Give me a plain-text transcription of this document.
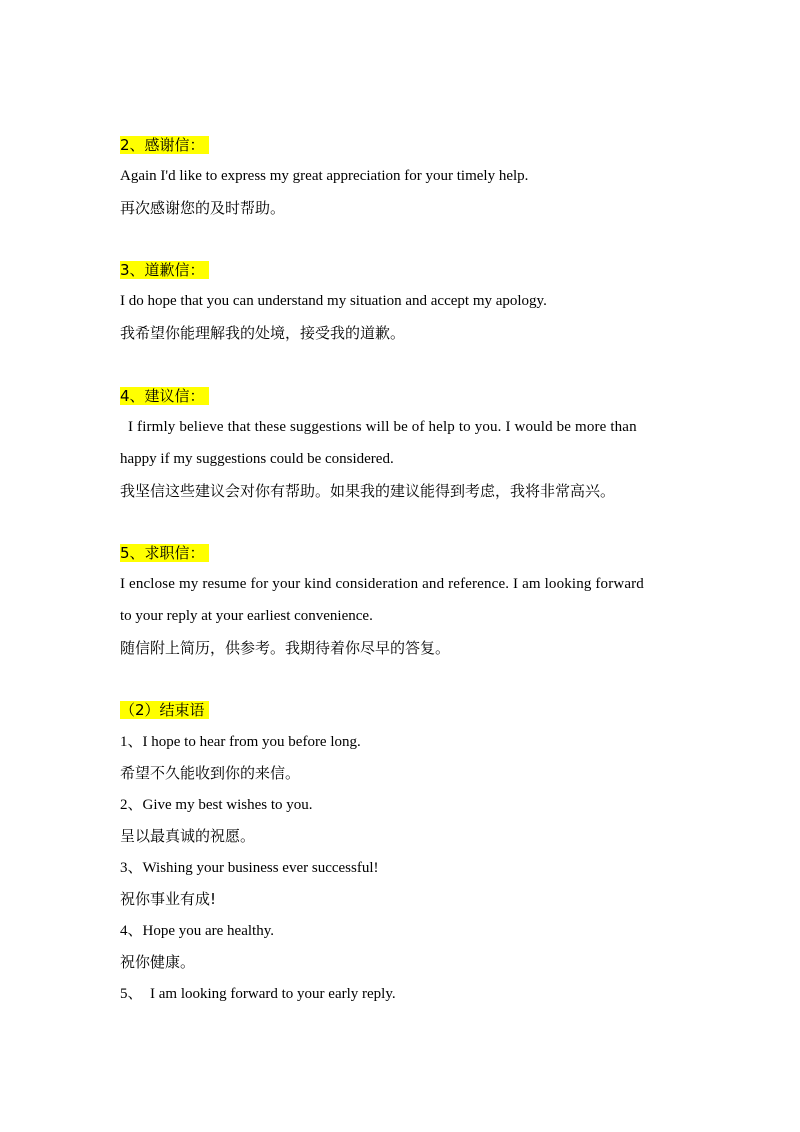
2、感谢信：
Again I'd like to express my great appreciation for your timely help.
再次感谢您的及时帮助。
3、道歉信：
I do hope that you can understand my situation and accept my apology.
我希望你能理解我的处境，接受我的道歉。
4、建议信：
I firmly believe that these suggestions will be of help to you. I would be more than
happy if my suggestions could be considered.
我坚信这些建议会对你有帮助。如果我的建议能得到考虑，我将非常高兴。
5、求职信：
I enclose my resume for your kind consideration and reference. I am looking forward
to your reply at your earliest convenience.
随信附上简历，供参考。我期待着你尽早的答复。
（2）结束语
1、I hope to hear from you before long.
希望不久能收到你的来信。
2、Give my best wishes to you.
呈以最真诚的祝愿。
3、Wishing your business ever successful!
祝你事业有成!
4、Hope you are healthy.
祝你健康。
5、  I am looking forward to your early reply.
